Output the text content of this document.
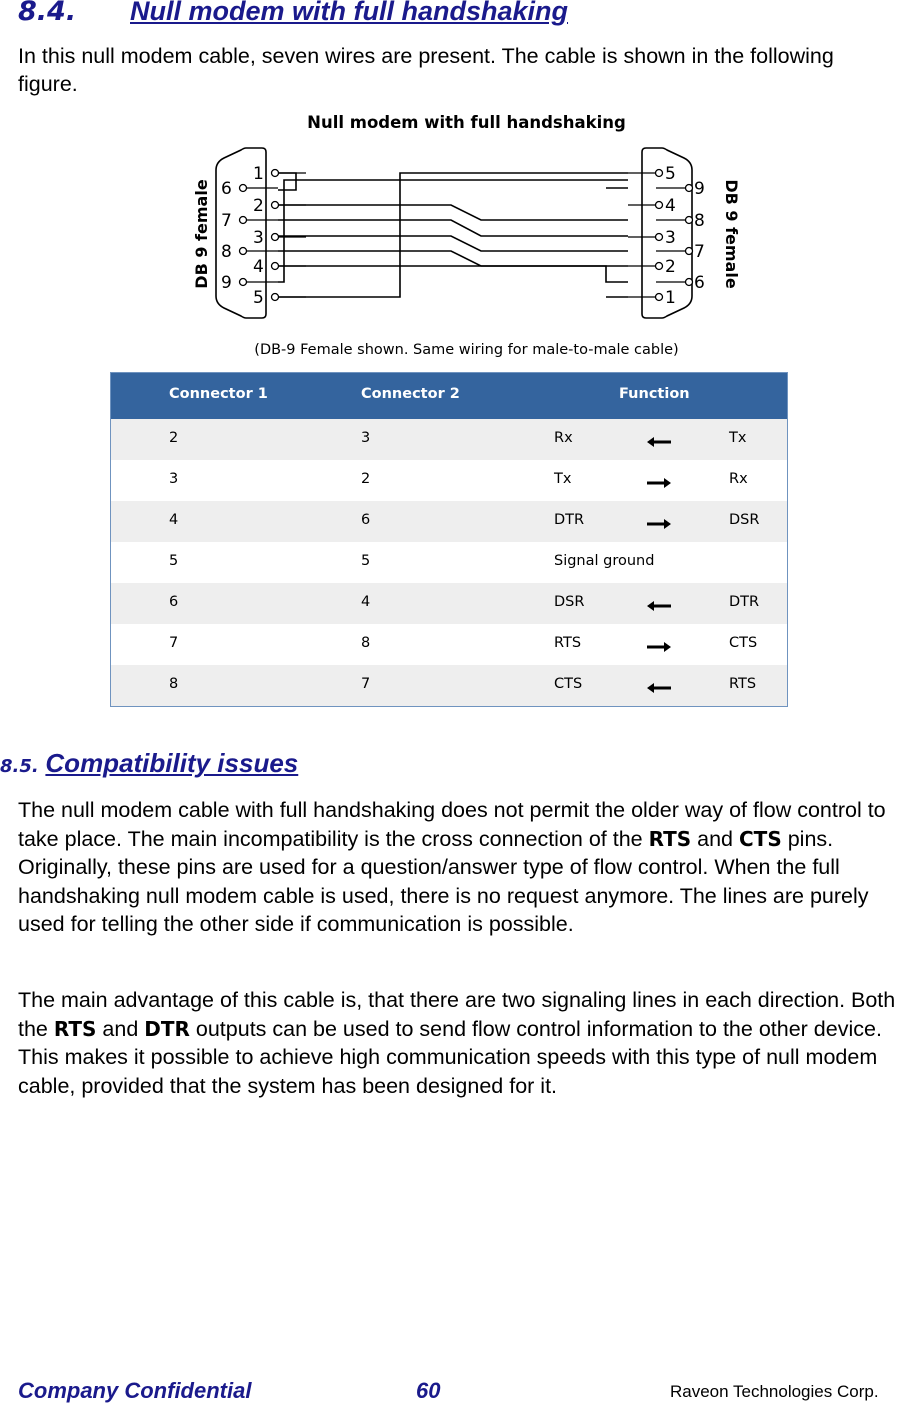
8.4. Null modem with full handshaking

In this null modem cable, seven wires are present. The cable is shown in the following figure.

Null modem with full handshaking
1
6
2
7
3
8
4
9
5
5
9
4
8
3
7
2
6
1
DB 9 female	DB 9 female
(DB-9 Female shown. Same wiring for male-to-male cable)
Connector 1	Connector 2	Function
2	3	Rx	Tx
3	2	Tx	Rx
4	6	DTR	DSR
5	5	Signal ground
6	4	DSR	DTR
7	8	RTS	CTS
8	7	CTS	RTS
8.5. Compatibility issues

The null modem cable with full handshaking does not permit the older way of flow control to take place. The main incompatibility is the cross connection of the RTS and CTS pins. Originally, these pins are used for a question/answer type of flow control. When the full handshaking null modem cable is used, there is no request anymore. The lines are purely used for telling the other side if communication is possible.

The main advantage of this cable is, that there are two signaling lines in each direction. Both the RTS and DTR outputs can be used to send flow control information to the other device. This makes it possible to achieve high communication speeds with this type of null modem cable, provided that the system has been designed for it.

Company Confidential	60	Raveon Technologies Corp.
